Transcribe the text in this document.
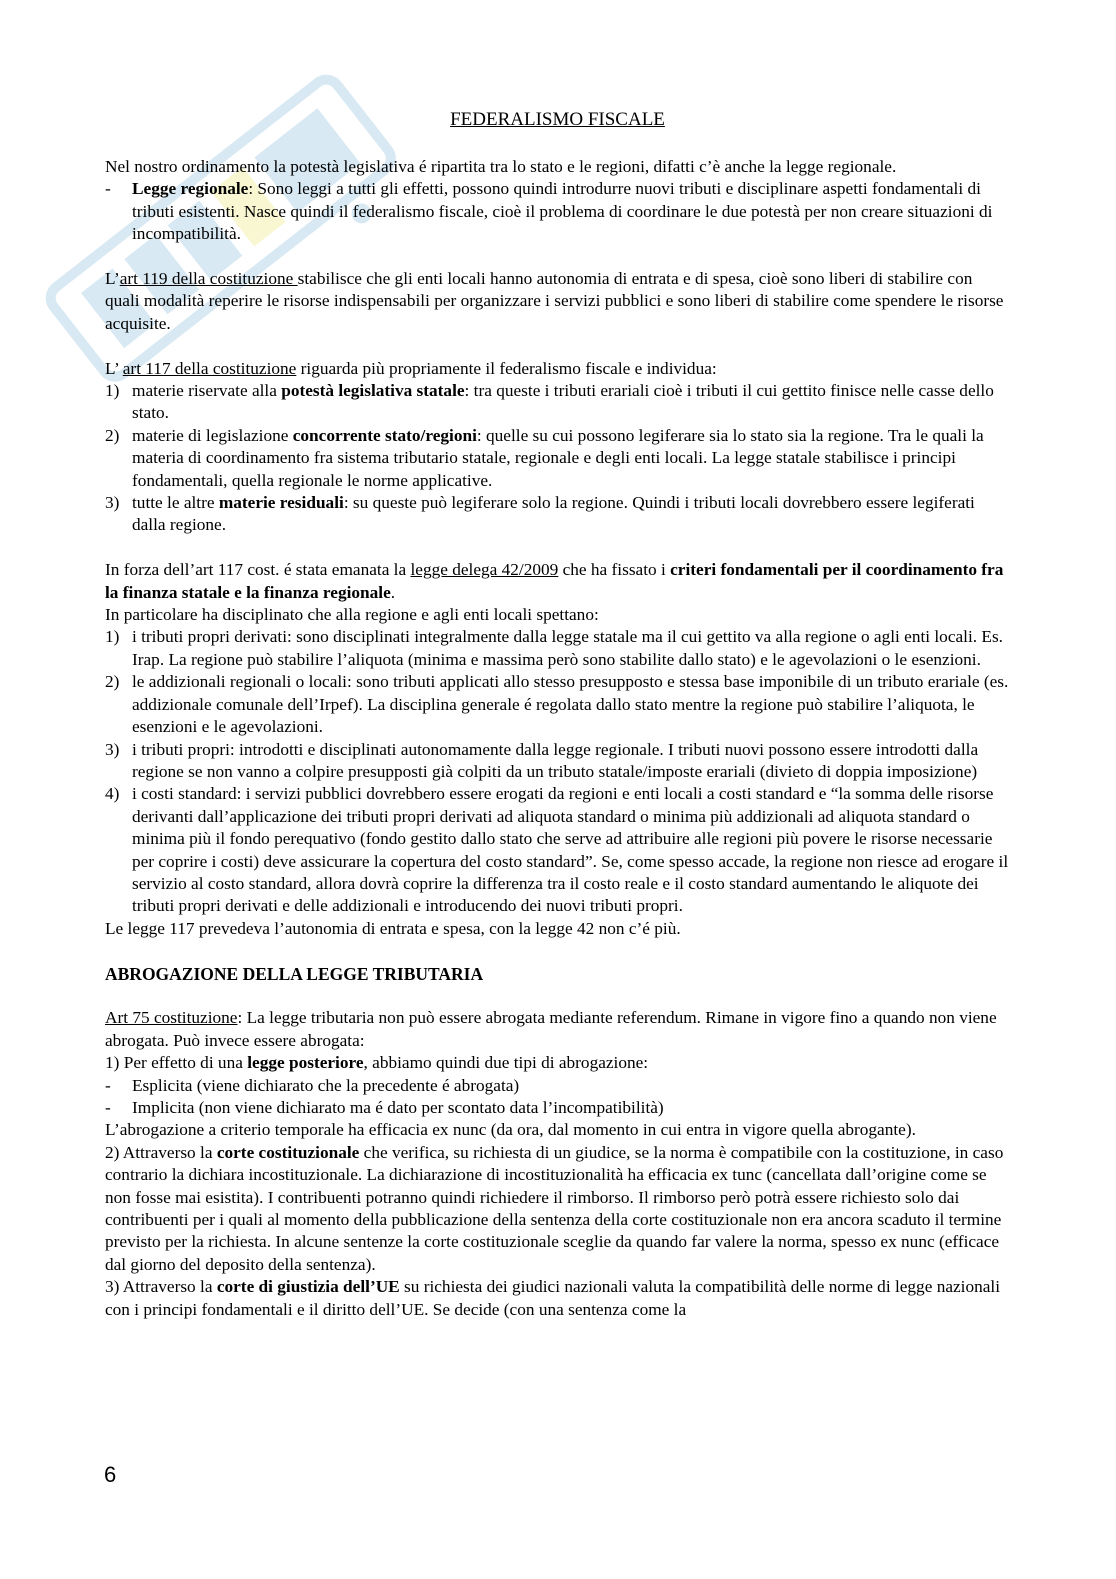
FEDERALISMO FISCALE

Nel nostro ordinamento la potestà legislativa é ripartita tra lo stato e le regioni, difatti c’è anche la legge regionale.

- Legge regionale: Sono leggi a tutti gli effetti, possono quindi introdurre nuovi tributi e disciplinare aspetti fondamentali di tributi esistenti. Nasce quindi il federalismo fiscale, cioè il problema di coordinare le due potestà per non creare situazioni di incompatibilità.

L’art 119 della costituzione stabilisce che gli enti locali hanno autonomia di entrata e di spesa, cioè sono liberi di stabilire con quali modalità reperire le risorse indispensabili per organizzare i servizi pubblici e sono liberi di stabilire come spendere le risorse acquisite.

L’ art 117 della costituzione riguarda più propriamente il federalismo fiscale e individua:

1) materie riservate alla potestà legislativa statale: tra queste i tributi erariali cioè i tributi il cui gettito finisce nelle casse dello stato.
2) materie di legislazione concorrente stato/regioni: quelle su cui possono legiferare sia lo stato sia la regione. Tra le quali la materia di coordinamento fra sistema tributario statale, regionale e degli enti locali. La legge statale stabilisce i principi fondamentali, quella regionale le norme applicative.
3) tutte le altre materie residuali: su queste può legiferare solo la regione. Quindi i tributi locali dovrebbero essere legiferati dalla regione.

In forza dell’art 117 cost. é stata emanata la legge delega 42/2009 che ha fissato i criteri fondamentali per il coordinamento fra la finanza statale e la finanza regionale.

In particolare ha disciplinato che alla regione e agli enti locali spettano:

1) i tributi propri derivati: sono disciplinati integralmente dalla legge statale ma il cui gettito va alla regione o agli enti locali. Es. Irap. La regione può stabilire l’aliquota (minima e massima però sono stabilite dallo stato) e le agevolazioni o le esenzioni.
2) le addizionali regionali o locali: sono tributi applicati allo stesso presupposto e stessa base imponibile di un tributo erariale (es. addizionale comunale dell’Irpef). La disciplina generale é regolata dallo stato mentre la regione può stabilire l’aliquota, le esenzioni e le agevolazioni.
3) i tributi propri: introdotti e disciplinati autonomamente dalla legge regionale. I tributi nuovi possono essere introdotti dalla regione se non vanno a colpire presupposti già colpiti da un tributo statale/imposte erariali (divieto di doppia imposizione)
4) i costi standard: i servizi pubblici dovrebbero essere erogati da regioni e enti locali a costi standard e “la somma delle risorse derivanti dall’applicazione dei tributi propri derivati ad aliquota standard o minima più addizionali ad aliquota standard o minima più il fondo perequativo (fondo gestito dallo stato che serve ad attribuire alle regioni più povere le risorse necessarie per coprire i costi) deve assicurare la copertura del costo standard”. Se, come spesso accade, la regione non riesce ad erogare il servizio al costo standard, allora dovrà coprire la differenza tra il costo reale e il costo standard aumentando le aliquote dei tributi propri derivati e delle addizionali e introducendo dei nuovi tributi propri.

Le legge 117 prevedeva l’autonomia di entrata e spesa, con la legge 42 non c’é più.

ABROGAZIONE DELLA LEGGE TRIBUTARIA

Art 75 costituzione: La legge tributaria non può essere abrogata mediante referendum. Rimane in vigore fino a quando non viene abrogata. Può invece essere abrogata:

1) Per effetto di una legge posteriore, abbiamo quindi due tipi di abrogazione:

- Esplicita (viene dichiarato che la precedente é abrogata)
- Implicita (non viene dichiarato ma é dato per scontato data l’incompatibilità)

L’abrogazione a criterio temporale ha efficacia ex nunc (da ora, dal momento in cui entra in vigore quella abrogante).

2) Attraverso la corte costituzionale che verifica, su richiesta di un giudice, se la norma è compatibile con la costituzione, in caso contrario la dichiara incostituzionale. La dichiarazione di incostituzionalità ha efficacia ex tunc (cancellata dall’origine come se non fosse mai esistita). I contribuenti potranno quindi richiedere il rimborso. Il rimborso però potrà essere richiesto solo dai contribuenti per i quali al momento della pubblicazione della sentenza della corte costituzionale non era ancora scaduto il termine previsto per la richiesta. In alcune sentenze la corte costituzionale sceglie da quando far valere la norma, spesso ex nunc (efficace dal giorno del deposito della sentenza).

3) Attraverso la corte di giustizia dell’UE su richiesta dei giudici nazionali valuta la compatibilità delle norme di legge nazionali con i principi fondamentali e il diritto dell’UE. Se decide (con una sentenza come la

6
